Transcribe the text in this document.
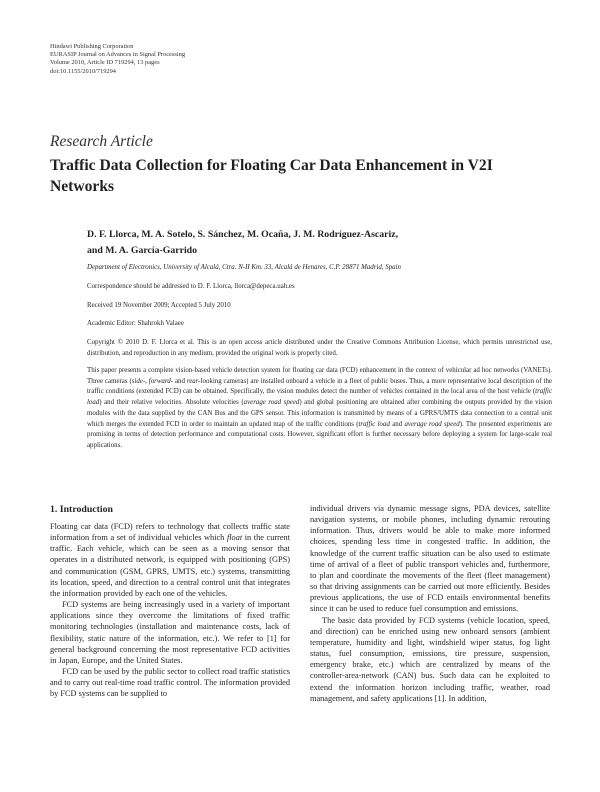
Hindawi Publishing Corporation
EURASIP Journal on Advances in Signal Processing
Volume 2010, Article ID 719294, 13 pages
doi:10.1155/2010/719294
Research Article
Traffic Data Collection for Floating Car Data Enhancement in V2I Networks
D. F. Llorca, M. A. Sotelo, S. Sánchez, M. Ocaña, J. M. Rodríguez-Ascariz,
and M. A. García-Garrido
Department of Electronics, University of Alcalá, Ctra. N-II Km. 33, Alcalá de Henares, C.P. 28871 Madrid, Spain
Correspondence should be addressed to D. F. Llorca, llorca@depeca.uah.es
Received 19 November 2009; Accepted 5 July 2010
Academic Editor: Shahrokh Valaee
Copyright © 2010 D. F. Llorca et al. This is an open access article distributed under the Creative Commons Attribution License, which permits unrestricted use, distribution, and reproduction in any medium, provided the original work is properly cited.
This paper presents a complete vision-based vehicle detection system for floating car data (FCD) enhancement in the context of vehicular ad hoc networks (VANETs). Three cameras (side-, forward- and rear-looking cameras) are installed onboard a vehicle in a fleet of public buses. Thus, a more representative local description of the traffic conditions (extended FCD) can be obtained. Specifically, the vision modules detect the number of vehicles contained in the local area of the host vehicle (traffic load) and their relative velocities. Absolute velocities (average road speed) and global positioning are obtained after combining the outputs provided by the vision modules with the data supplied by the CAN Bus and the GPS sensor. This information is transmitted by means of a GPRS/UMTS data connection to a central unit which merges the extended FCD in order to maintain an updated map of the traffic conditions (traffic load and average road speed). The presented experiments are promising in terms of detection performance and computational costs. However, significant effort is further necessary before deploying a system for large-scale real applications.
1. Introduction

Floating car data (FCD) refers to technology that collects traffic state information from a set of individual vehicles which float in the current traffic. Each vehicle, which can be seen as a moving sensor that operates in a distributed network, is equipped with positioning (GPS) and communication (GSM, GPRS, UMTS, etc.) systems, transmitting its location, speed, and direction to a central control unit that integrates the information provided by each one of the vehicles.

FCD systems are being increasingly used in a variety of important applications since they overcome the limitations of fixed traffic monitoring technologies (installation and maintenance costs, lack of flexibility, static nature of the information, etc.). We refer to [1] for general background concerning the most representative FCD activities in Japan, Europe, and the United States.

FCD can be used by the public sector to collect road traffic statistics and to carry out real-time road traffic control. The information provided by FCD systems can be supplied to

individual drivers via dynamic message signs, PDA devices, satellite navigation systems, or mobile phones, including dynamic rerouting information. Thus, drivers would be able to make more informed choices, spending less time in congested traffic. In addition, the knowledge of the current traffic situation can be also used to estimate time of arrival of a fleet of public transport vehicles and, furthermore, to plan and coordinate the movements of the fleet (fleet management) so that driving assignments can be carried out more efficiently. Besides previous applications, the use of FCD entails environmental benefits since it can be used to reduce fuel consumption and emissions.

The basic data provided by FCD systems (vehicle location, speed, and direction) can be enriched using new onboard sensors (ambient temperature, humidity and light, windshield wiper status, fog light status, fuel consumption, emissions, tire pressure, suspension, emergency brake, etc.) which are centralized by means of the controller-area-network (CAN) bus. Such data can be exploited to extend the information horizon including traffic, weather, road management, and safety applications [1]. In addition,
